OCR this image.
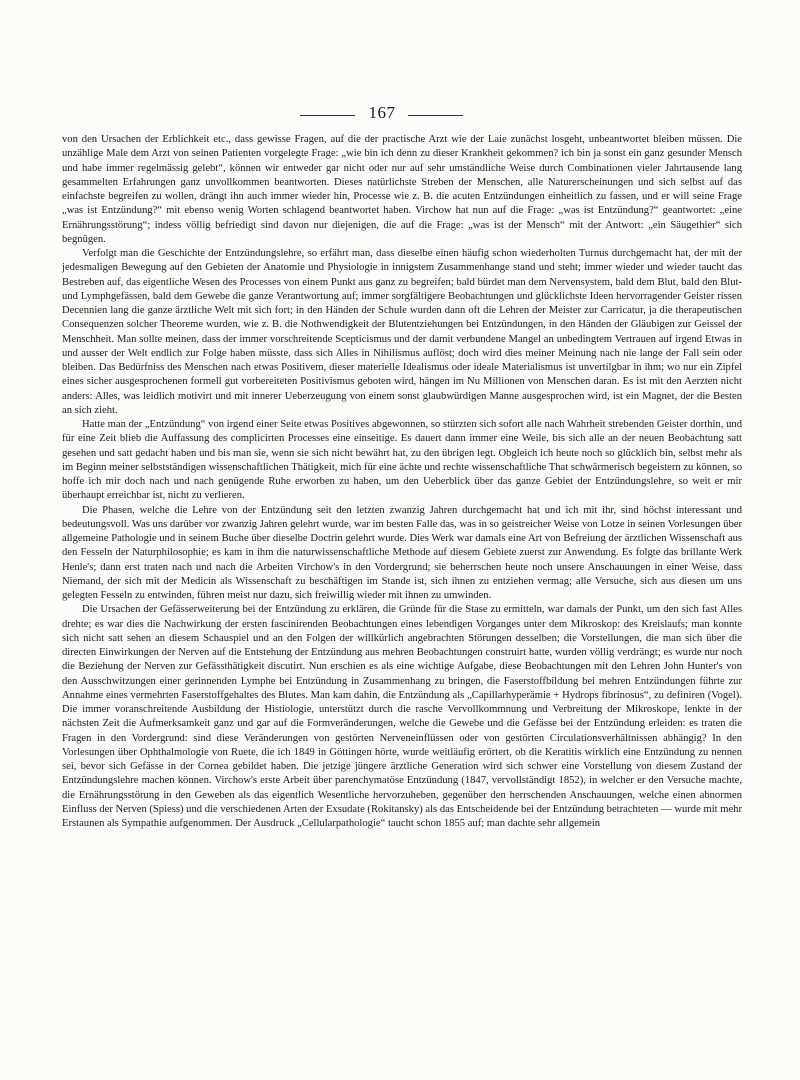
167

von den Ursachen der Erblichkeit etc., dass gewisse Fragen, auf die der practische Arzt wie der Laie zunächst losgeht, unbeantwortet bleiben müssen. Die unzählige Male dem Arzt von seinen Patienten vorgelegte Frage: „wie bin ich denn zu dieser Krankheit gekommen? ich bin ja sonst ein ganz gesunder Mensch und habe immer regelmässig gelebt“, können wir entweder gar nicht oder nur auf sehr umständliche Weise durch Combinationen vieler Jahrtausende lang gesammelten Erfahrungen ganz unvollkommen beantworten. Dieses natürlichste Streben der Menschen, alle Naturerscheinungen und sich selbst auf das einfachste begreifen zu wollen, drängt ihn auch immer wieder hin, Processe wie z. B. die acuten Entzündungen einheitlich zu fassen, und er will seine Frage „was ist Entzündung?“ mit ebenso wenig Worten schlagend beantwortet haben. Virchow hat nun auf die Frage: „was ist Entzündung?“ geantwortet: „eine Ernährungsstörung“; indess völlig befriedigt sind davon nur diejenigen, die auf die Frage: „was ist der Mensch“ mit der Antwort: „ein Säugethier“ sich begnügen.

Verfolgt man die Geschichte der Entzündungslehre, so erfährt man, dass dieselbe einen häufig schon wiederholten Turnus durchgemacht hat, der mit der jedesmaligen Bewegung auf den Gebieten der Anatomie und Physiologie in innigstem Zusammenhange stand und steht; immer wieder und wieder taucht das Bestreben auf, das eigentliche Wesen des Processes von einem Punkt aus ganz zu begreifen; bald bürdet man dem Nervensystem, bald dem Blut, bald den Blut- und Lymphgefässen, bald dem Gewebe die ganze Verantwortung auf; immer sorgfältigere Beobachtungen und glücklichste Ideen hervorragender Geister rissen Decennien lang die ganze ärztliche Welt mit sich fort; in den Händen der Schule wurden dann oft die Lehren der Meister zur Carricatur, ja die therapeutischen Consequenzen solcher Theoreme wurden, wie z. B. die Nothwendigkeit der Blutentziehungen bei Entzündungen, in den Händen der Gläubigen zur Geissel der Menschheit. Man sollte meinen, dass der immer vorschreitende Scepticismus und der damit verbundene Mangel an unbedingtem Vertrauen auf irgend Etwas in und ausser der Welt endlich zur Folge haben müsste, dass sich Alles in Nihilismus auflöst; doch wird dies meiner Meinung nach nie lange der Fall sein oder bleiben. Das Bedürfniss des Menschen nach etwas Positivem, dieser materielle Idealismus oder ideale Materialismus ist unvertilgbar in ihm; wo nur ein Zipfel eines sicher ausgesprochenen formell gut vorbereiteten Positivismus geboten wird, hängen im Nu Millionen von Menschen daran. Es ist mit den Aerzten nicht anders: Alles, was leidlich motivirt und mit innerer Ueberzeugung von einem sonst glaubwürdigen Manne ausgesprochen wird, ist ein Magnet, der die Besten an sich zieht.

Hatte man der „Entzündung“ von irgend einer Seite etwas Positives abgewonnen, so stürzten sich sofort alle nach Wahrheit strebenden Geister dorthin, und für eine Zeit blieb die Auffassung des complicirten Processes eine einseitige. Es dauert dann immer eine Weile, bis sich alle an der neuen Beobachtung satt gesehen und satt gedacht haben und bis man sie, wenn sie sich nicht bewährt hat, zu den übrigen legt. Obgleich ich heute noch so glücklich bin, selbst mehr als im Beginn meiner selbstständigen wissenschaftlichen Thätigkeit, mich für eine ächte und rechte wissenschaftliche That schwärmerisch begeistern zu können, so hoffe ich mir doch nach und nach genügende Ruhe erworben zu haben, um den Ueberblick über das ganze Gebiet der Entzündungslehre, so weit er mir überhaupt erreichbar ist, nicht zu verlieren.

Die Phasen, welche die Lehre von der Entzündung seit den letzten zwanzig Jahren durchgemacht hat und ich mit ihr, sind höchst interessant und bedeutungsvoll. Was uns darüber vor zwanzig Jahren gelehrt wurde, war im besten Falle das, was in so geistreicher Weise von Lotze in seinen Vorlesungen über allgemeine Pathologie und in seinem Buche über dieselbe Doctrin gelehrt wurde. Dies Werk war damals eine Art von Befreiung der ärztlichen Wissenschaft aus den Fesseln der Naturphilosophie; es kam in ihm die naturwissenschaftliche Methode auf diesem Gebiete zuerst zur Anwendung. Es folgte das brillante Werk Henle's; dann erst traten nach und nach die Arbeiten Virchow's in den Vordergrund; sie beherrschen heute noch unsere Anschauungen in einer Weise, dass Niemand, der sich mit der Medicin als Wissenschaft zu beschäftigen im Stande ist, sich ihnen zu entziehen vermag; alle Versuche, sich aus diesen um uns gelegten Fesseln zu entwinden, führen meist nur dazu, sich freiwillig wieder mit ihnen zu umwinden.

Die Ursachen der Gefässerweiterung bei der Entzündung zu erklären, die Gründe für die Stase zu ermitteln, war damals der Punkt, um den sich fast Alles drehte; es war dies die Nachwirkung der ersten fascinirenden Beobachtungen eines lebendigen Vorganges unter dem Mikroskop: des Kreislaufs; man konnte sich nicht satt sehen an diesem Schauspiel und an den Folgen der willkürlich angebrachten Störungen desselben; die Vorstellungen, die man sich über die directen Einwirkungen der Nerven auf die Entstehung der Entzündung aus mehren Beobachtungen construirt hatte, wurden völlig verdrängt; es wurde nur noch die Beziehung der Nerven zur Gefässthätigkeit discutirt. Nun erschien es als eine wichtige Aufgabe, diese Beobachtungen mit den Lehren John Hunter's von den Ausschwitzungen einer gerinnenden Lymphe bei Entzündung in Zusammenhang zu bringen, die Faserstoffbildung bei mehren Entzündungen führte zur Annahme eines vermehrten Faserstoffgehaltes des Blutes. Man kam dahin, die Entzündung als „Capillarhyperämie + Hydrops fibrinosus“, zu definiren (Vogel). Die immer voranschreitende Ausbildung der Histiologie, unterstützt durch die rasche Vervollkommnung und Verbreitung der Mikroskope, lenkte in der nächsten Zeit die Aufmerksamkeit ganz und gar auf die Formveränderungen, welche die Gewebe und die Gefässe bei der Entzündung erleiden: es traten die Fragen in den Vordergrund: sind diese Veränderungen von gestörten Nerveneinflüssen oder von gestörten Circulationsverhältnissen abhängig? In den Vorlesungen über Ophthalmologie von Ruete, die ich 1849 in Göttingen hörte, wurde weitläufig erörtert, ob die Keratitis wirklich eine Entzündung zu nennen sei, bevor sich Gefässe in der Cornea gebildet haben. Die jetzige jüngere ärztliche Generation wird sich schwer eine Vorstellung von diesem Zustand der Entzündungslehre machen können. Virchow's erste Arbeit über parenchymatöse Entzündung (1847, vervollständigt 1852), in welcher er den Versuche machte, die Ernährungsstörung in den Geweben als das eigentlich Wesentliche hervorzuheben, gegenüber den herrschenden Anschauungen, welche einen abnormen Einfluss der Nerven (Spiess) und die verschiedenen Arten der Exsudate (Rokitansky) als das Entscheidende bei der Entzündung betrachteten — wurde mit mehr Erstaunen als Sympathie aufgenommen. Der Ausdruck „Cellularpathologie“ taucht schon 1855 auf; man dachte sehr allgemein
